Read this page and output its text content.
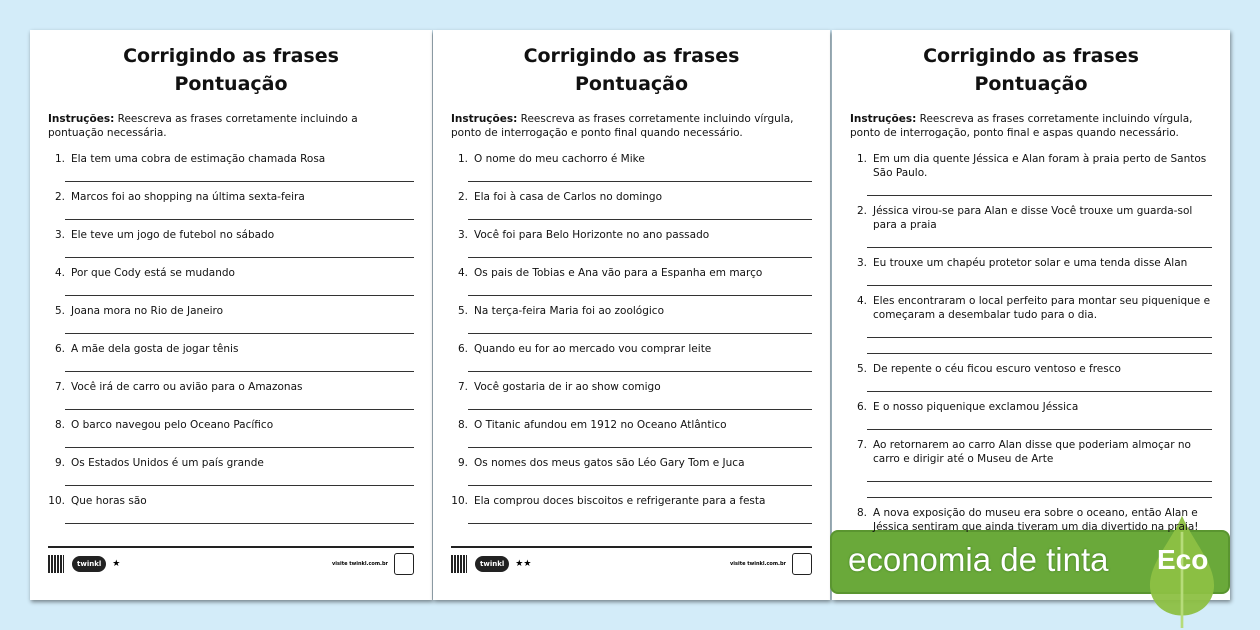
Corrigindo as frases
Pontuação
Instruções: Reescreva as frases corretamente incluindo a pontuação necessária.
1. Ela tem uma cobra de estimação chamada Rosa
2. Marcos foi ao shopping na última sexta-feira
3. Ele teve um jogo de futebol no sábado
4. Por que Cody está se mudando
5. Joana mora no Rio de Janeiro
6. A mãe dela gosta de jogar tênis
7. Você irá de carro ou avião para o Amazonas
8. O barco navegou pelo Oceano Pacífico
9. Os Estados Unidos é um país grande
10. Que horas são
twinkl	★	visite twinkl.com.br
Corrigindo as frases
Pontuação
Instruções: Reescreva as frases corretamente incluindo vírgula, ponto de interrogação e ponto final quando necessário.
1. O nome do meu cachorro é Mike
2. Ela foi à casa de Carlos no domingo
3. Você foi para Belo Horizonte no ano passado
4. Os pais de Tobias e Ana vão para a Espanha em março
5. Na terça-feira Maria foi ao zoológico
6. Quando eu for ao mercado vou comprar leite
7. Você gostaria de ir ao show comigo
8. O Titanic afundou em 1912 no Oceano Atlântico
9. Os nomes dos meus gatos são Léo Gary Tom e Juca
10. Ela comprou doces biscoitos e refrigerante para a festa
twinkl	★★	visite twinkl.com.br
Corrigindo as frases
Pontuação
Instruções: Reescreva as frases corretamente incluindo vírgula, ponto de interrogação, ponto final e aspas quando necessário.
1. Em um dia quente Jéssica e Alan foram à praia perto de Santos São Paulo.
2. Jéssica virou-se para Alan e disse Você trouxe um guarda-sol para a praia
3. Eu trouxe um chapéu protetor solar e uma tenda disse Alan
4. Eles encontraram o local perfeito para montar seu piquenique e começaram a desembalar tudo para o dia.
5. De repente o céu ficou escuro ventoso e fresco
6. E o nosso piquenique exclamou Jéssica
7. Ao retornarem ao carro Alan disse que poderiam almoçar no carro e dirigir até o Museu de Arte
8. A nova exposição do museu era sobre o oceano, então Alan e Jéssica sentiram que ainda tiveram um dia divertido na praia!
economia de tinta Eco
